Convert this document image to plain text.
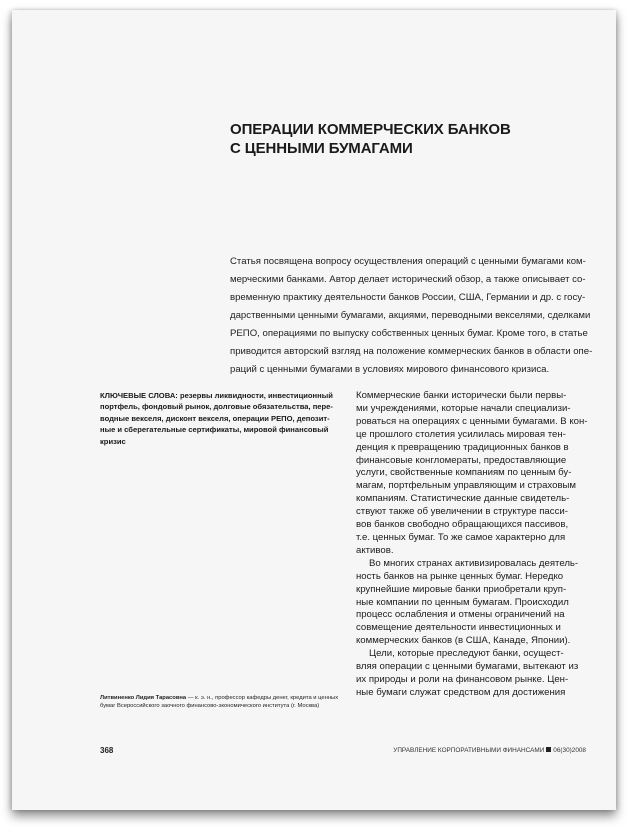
ОПЕРАЦИИ КОММЕРЧЕСКИХ БАНКОВ
С ЦЕННЫМИ БУМАГАМИ
Статья посвящена вопросу осуществления операций с ценными бумагами ком-
мерческими банками. Автор делает исторический обзор, а также описывает со-
временную практику деятельности банков России, США, Германии и др. с госу-
дарственными ценными бумагами, акциями, переводными векселями, сделками
РЕПО, операциями по выпуску собственных ценных бумаг. Кроме того, в статье
приводится авторский взгляд на положение коммерческих банков в области опе-
раций с ценными бумагами в условиях мирового финансового кризиса.
КЛЮЧЕВЫЕ СЛОВА: резервы ликвидности, инвестиционный
портфель, фондовый рынок, долговые обязательства, пере-
водные векселя, дисконт векселя, операции РЕПО, депозит-
ные и сберегательные сертификаты, мировой финансовый
кризис
Коммерческие банки исторически были первы-
ми учреждениями, которые начали специализи-
роваться на операциях с ценными бумагами. В кон-
це прошлого столетия усилилась мировая тен-
денция к превращению традиционных банков в
финансовые конгломераты, предоставляющие
услуги, свойственные компаниям по ценным бу-
магам, портфельным управляющим и страховым
компаниям. Статистические данные свидетель-
ствуют также об увеличении в структуре пасси-
вов банков свободно обращающихся пассивов,
т.е. ценных бумаг. То же самое характерно для
активов.
Во многих странах активизировалась деятель-
ность банков на рынке ценных бумаг. Нередко
крупнейшие мировые банки приобретали круп-
ные компании по ценным бумагам. Происходил
процесс ослабления и отмены ограничений на
совмещение деятельности инвестиционных и
коммерческих банков (в США, Канаде, Японии).
Цели, которые преследуют банки, осущест-
вляя операции с ценными бумагами, вытекают из
их природы и роли на финансовом рынке. Цен-
ные бумаги служат средством для достижения
Литвиненко Лидия Тарасовна — к. э. н., профессор кафедры денег, кредита и ценных
бумаг Всероссийского заочного финансово-экономического института (г. Москва)
368	УПРАВЛЕНИЕ КОРПОРАТИВНЫМИ ФИНАНСАМИ 06(30)2008
